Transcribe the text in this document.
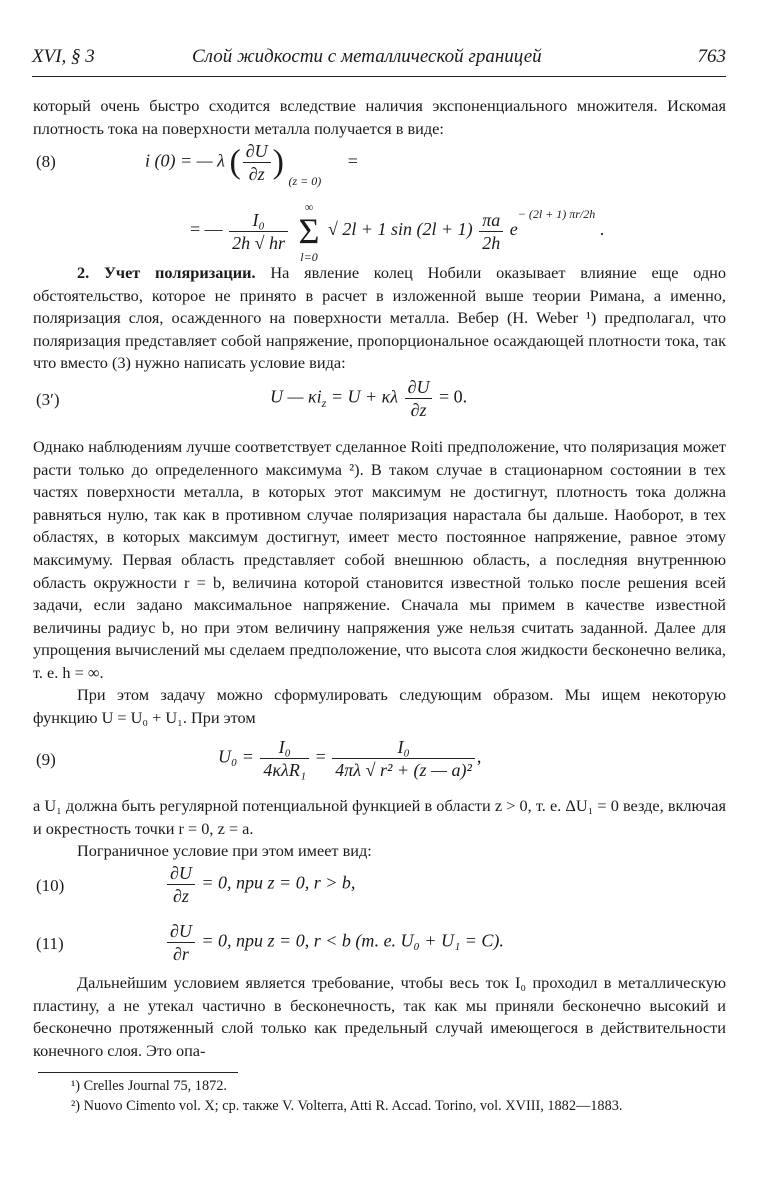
XVI, § 3	Слой жидкости с металлической границей	763
который очень быстро сходится вследствие наличия экспоненциального множителя. Искомая плотность тока на поверхности металла получается в виде:
(8)	i (0) = — λ ( $\frac{\partial U}{\partial z}$ ) $_{(z = 0)}$ =
= — $\frac{\text{I₀}}{2h √ hr}$
∞
Σ
l=0 √ 2l + 1 $\sin (2l + 1) \frac{\pi a}{2h} e^{- (2l + 1) \pi r/2h}$ .
2. Учет поляризации. На явление колец Нобили оказывает влияние еще одно обстоятельство, которое не принято в расчет в изложенной выше теории Римана, а именно, поляризация слоя, осажденного на поверхности металла. Вебер (H. Weber ¹) предполагал, что поляризация представляет собой напряжение, пропорциональное осаждающей плотности тока, так что вместо (3) нужно написать условие вида:
(3′)	U — $\kappa i_z = U + \kappa\lambda \frac{\partial U}{\partial z} = 0$.
Однако наблюдениям лучше соответствует сделанное Roiti предположение, что поляризация может расти только до определенного максимума ²). В таком случае в стационарном состоянии в тех частях поверхности металла, в которых этот максимум не достигнут, плотность тока должна равняться нулю, так как в противном случае поляризация нарастала бы дальше. Наоборот, в тех областях, в которых максимум достигнут, имеет место постоянное напряжение, равное этому максимуму. Первая область представляет собой внешнюю область, а последняя внутреннюю область окружности r = b, величина которой становится известной только после решения всей задачи, если задано максимальное напряжение. Сначала мы примем в качестве известной величины радиус b, но при этом величину напряжения уже нельзя считать заданной. Далее для упрощения вычислений мы сделаем предположение, что высота слоя жидкости бесконечно велика, т. е. h = ∞.
При этом задачу можно сформулировать следующим образом. Мы ищем некоторую функцию U = U₀ + U₁. При этом
(9)	$U_0 = \frac{\text{I₀}}{\text{4κλR₁}} = \frac{\text{I₀}}{\text{4πλ √ r² + (z — a)²}}$ ,
а U₁ должна быть регулярной потенциальной функцией в области z > 0, т. е. ΔU₁ = 0 везде, включая и окрестность точки r = 0, z = a.
Пограничное условие при этом имеет вид:
(10)	$\frac{\partial U}{\partial z} = 0$, при z = 0, r > b,
(11)	$\frac{\partial U}{\partial r} = 0$, при z = 0, r < b (т. е. U₀ + U₁ = C).
Дальнейшим условием является требование, чтобы весь ток I₀ проходил в металлическую пластину, а не утекал частично в бесконечность, так как мы приняли бесконечно высокий и бесконечно протяженный слой только как предельный случай имеющегося в действительности конечного слоя. Это опа-
¹) Crelles Journal 75, 1872.
²) Nuovo Cimento vol. X; ср. также V. Volterra, Atti R. Accad. Torino, vol. XVIII, 1882—1883.
